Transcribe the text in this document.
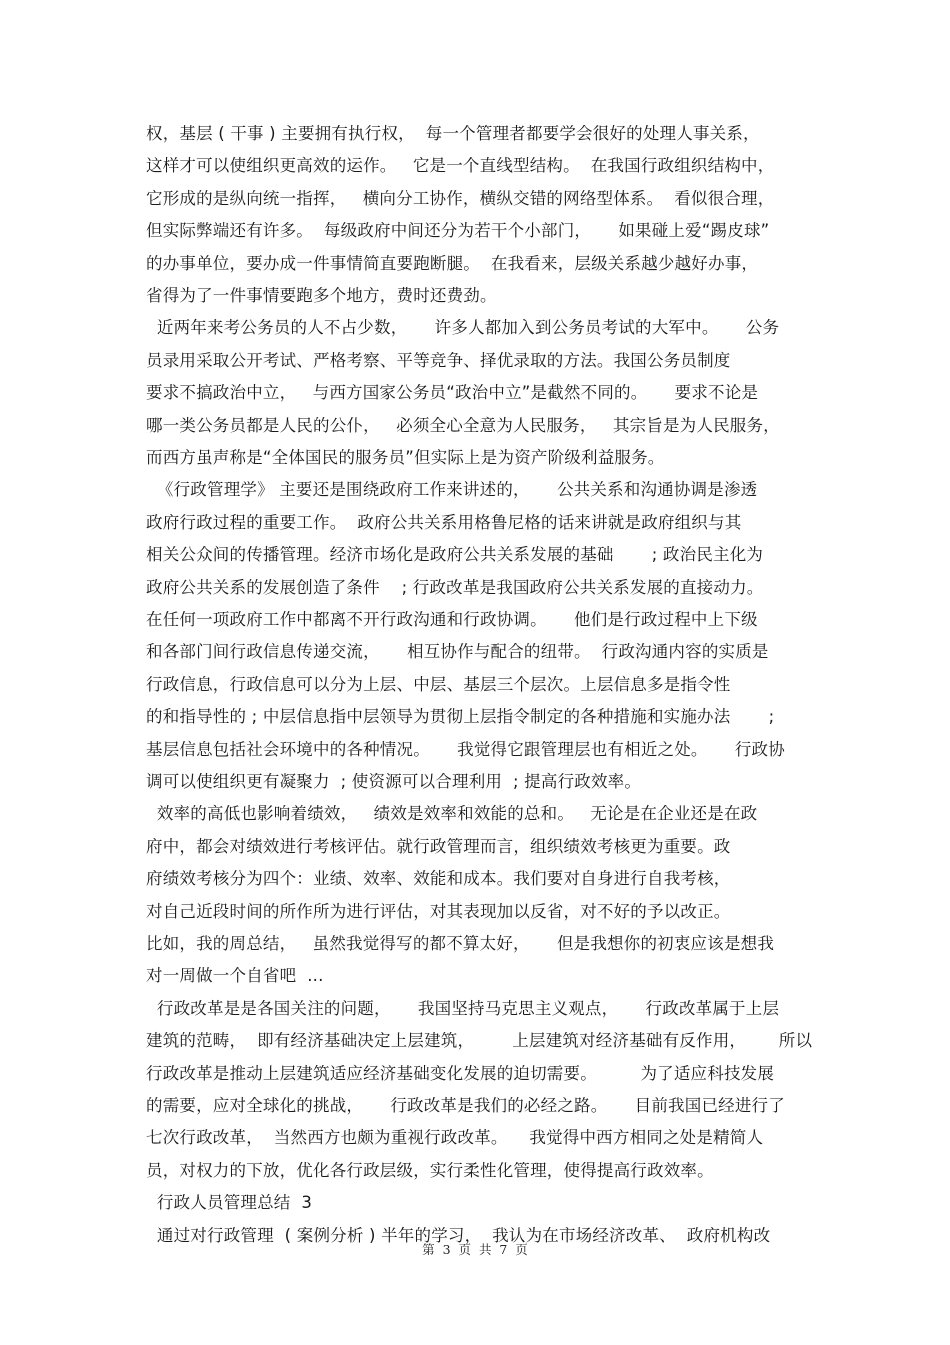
权，基层 ( 干事 ) 主要拥有执行权，  每一个管理者都要学会很好的处理人事关系，
这样才可以使组织更高效的运作。   它是一个直线型结构。  在我国行政组织结构中，
它形成的是纵向统一指挥，   横向分工协作，横纵交错的网络型体系。  看似很合理，
但实际弊端还有许多。  每级政府中间还分为若干个小部门，     如果碰上爱“踢皮球”
的办事单位，要办成一件事情简直要跑断腿。  在我看来，层级关系越少越好办事，
省得为了一件事情要跑多个地方，费时还费劲。
近两年来考公务员的人不占少数，     许多人都加入到公务员考试的大军中。     公务
员录用采取公开考试、严格考察、平等竞争、择优录取的方法。我国公务员制度
要求不搞政治中立，   与西方国家公务员“政治中立”是截然不同的。     要求不论是
哪一类公务员都是人民的公仆，   必须全心全意为人民服务，   其宗旨是为人民服务，
而西方虽声称是“全体国民的服务员”但实际上是为资产阶级利益服务。
《行政管理学》 主要还是围绕政府工作来讲述的，     公共关系和沟通协调是渗透
政府行政过程的重要工作。  政府公共关系用格鲁尼格的话来讲就是政府组织与其
相关公众间的传播管理。经济市场化是政府公共关系发展的基础       ; 政治民主化为
政府公共关系的发展创造了条件    ; 行政改革是我国政府公共关系发展的直接动力。
在任何一项政府工作中都离不开行政沟通和行政协调。     他们是行政过程中上下级
和各部门间行政信息传递交流，     相互协作与配合的纽带。  行政沟通内容的实质是
行政信息，行政信息可以分为上层、中层、基层三个层次。上层信息多是指令性
的和指导性的 ; 中层信息指中层领导为贯彻上层指令制定的各种措施和实施办法       ;
基层信息包括社会环境中的各种情况。     我觉得它跟管理层也有相近之处。     行政协
调可以使组织更有凝聚力  ; 使资源可以合理利用  ; 提高行政效率。
效率的高低也影响着绩效，   绩效是效率和效能的总和。   无论是在企业还是在政
府中，都会对绩效进行考核评估。就行政管理而言，组织绩效考核更为重要。政
府绩效考核分为四个：业绩、效率、效能和成本。我们要对自身进行自我考核，
对自己近段时间的所作所为进行评估，对其表现加以反省，对不好的予以改正。
比如，我的周总结，   虽然我觉得写的都不算太好，     但是我想你的初衷应该是想我
对一周做一个自省吧  ...
行政改革是是各国关注的问题，     我国坚持马克思主义观点，     行政改革属于上层
建筑的范畴，  即有经济基础决定上层建筑，       上层建筑对经济基础有反作用，      所以
行政改革是推动上层建筑适应经济基础变化发展的迫切需要。        为了适应科技发展
的需要，应对全球化的挑战，     行政改革是我们的必经之路。     目前我国已经进行了
七次行政改革，  当然西方也颇为重视行政改革。    我觉得中西方相同之处是精简人
员，对权力的下放，优化各行政层级，实行柔性化管理，使得提高行政效率。
行政人员管理总结  3
通过对行政管理  ( 案例分析 ) 半年的学习，  我认为在市场经济改革、  政府机构改
第  3  页  共  7  页
